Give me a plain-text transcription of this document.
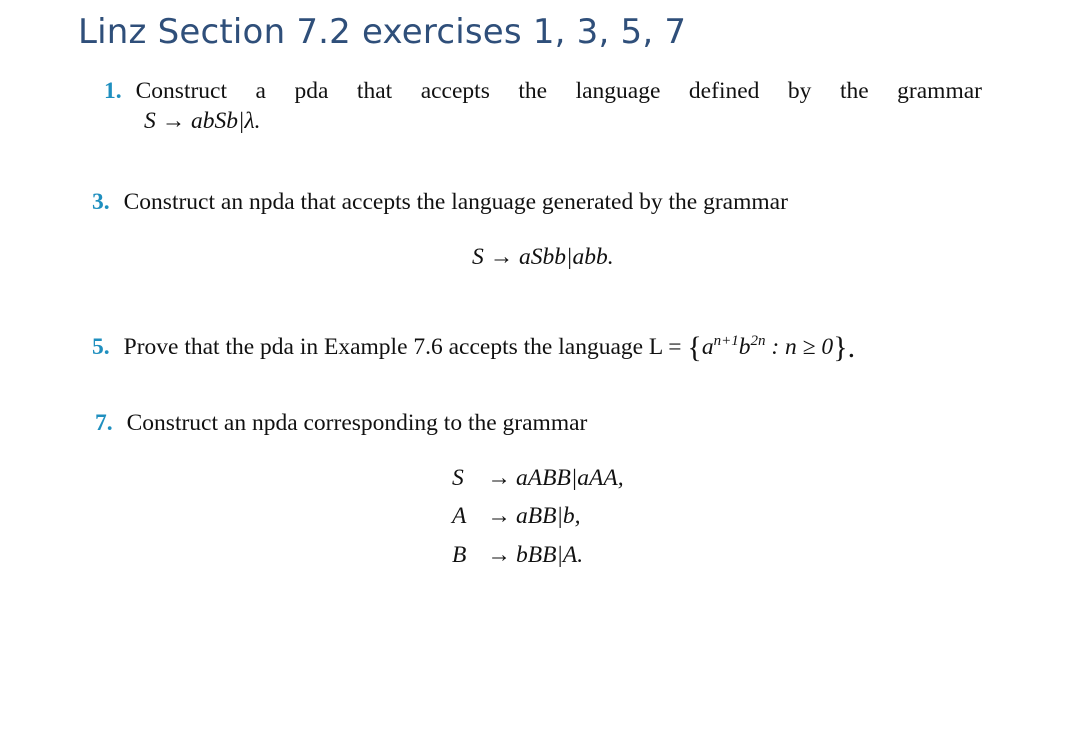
Linz Section 7.2 exercises 1, 3, 5, 7
1. Construct a pda that accepts the language defined by the grammar
S → abSb|λ.
3. Construct an npda that accepts the language generated by the grammar
S → aSbb|abb.
5. Prove that the pda in Example 7.6 accepts the language $L = \{a^{n+1}b^{2n}$ : n ≥ 0}.
7. Construct an npda corresponding to the grammar
S → aABB|aAA,
A → aBB|b,
B → bBB|A.
